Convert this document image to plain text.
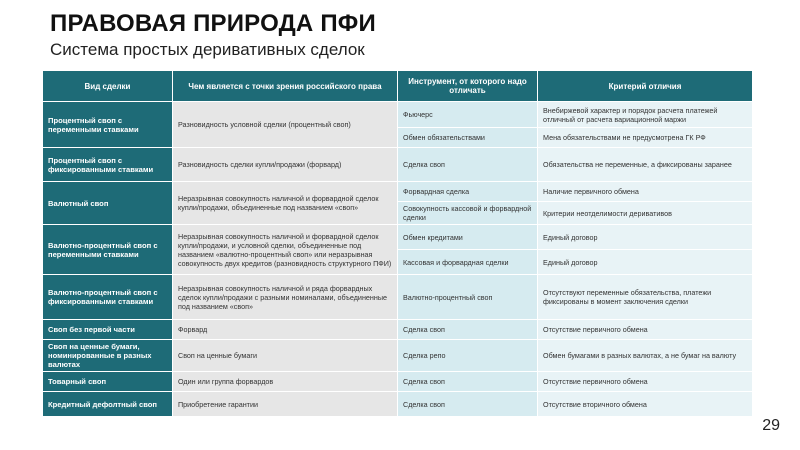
ПРАВОВАЯ ПРИРОДА ПФИ
Система простых деривативных сделок
Вид сделки	Чем является с точки зрения российского права	Инструмент, от которого надо отличать	Критерий отличия
Процентный своп с переменными ставками	Разновидность условной сделки (процентный своп)	Фьючерс	Внебиржевой характер и порядок расчета платежей отличный от расчета вариационной маржи
		Обмен обязательствами	Мена обязательствами не предусмотрена ГК РФ
Процентный своп с фиксированными ставками	Разновидность сделки купли/продажи (форвард)	Сделка своп	Обязательства не переменные, а фиксированы заранее
Валютный своп	Неразрывная совокупность наличной и форвардной сделок купли/продажи, объединенные под названием «своп»	Форвардная сделка	Наличие первичного обмена
		Совокупность кассовой и форвардной сделки	Критерии неотделимости деривативов
Валютно-процентный своп с переменными ставками	Неразрывная совокупность наличной и форвардной сделок купли/продажи, и условной сделки, объединенные под названием «валютно-процентный своп» или неразрывная совокупность двух кредитов (разновидность структурного ПФИ)	Обмен кредитами	Единый договор
		Кассовая и форвардная сделки	Единый договор
Валютно-процентный своп с фиксированными ставками	Неразрывная совокупность наличной и ряда форвардных сделок купли/продажи с разными номиналами, объединенные под названием «своп»	Валютно-процентный своп	Отсутствуют переменные обязательства, платежи фиксированы в момент заключения сделки
Своп без первой части	Форвард	Сделка своп	Отсутствие первичного обмена
Своп на ценные бумаги, номинированные в разных валютах	Своп на ценные бумаги	Сделка репо	Обмен бумагами в разных валютах, а не бумаг на валюту
Товарный своп	Один или группа форвардов	Сделка своп	Отсутствие первичного обмена
Кредитный дефолтный своп	Приобретение гарантии	Сделка своп	Отсутствие вторичного обмена
29
